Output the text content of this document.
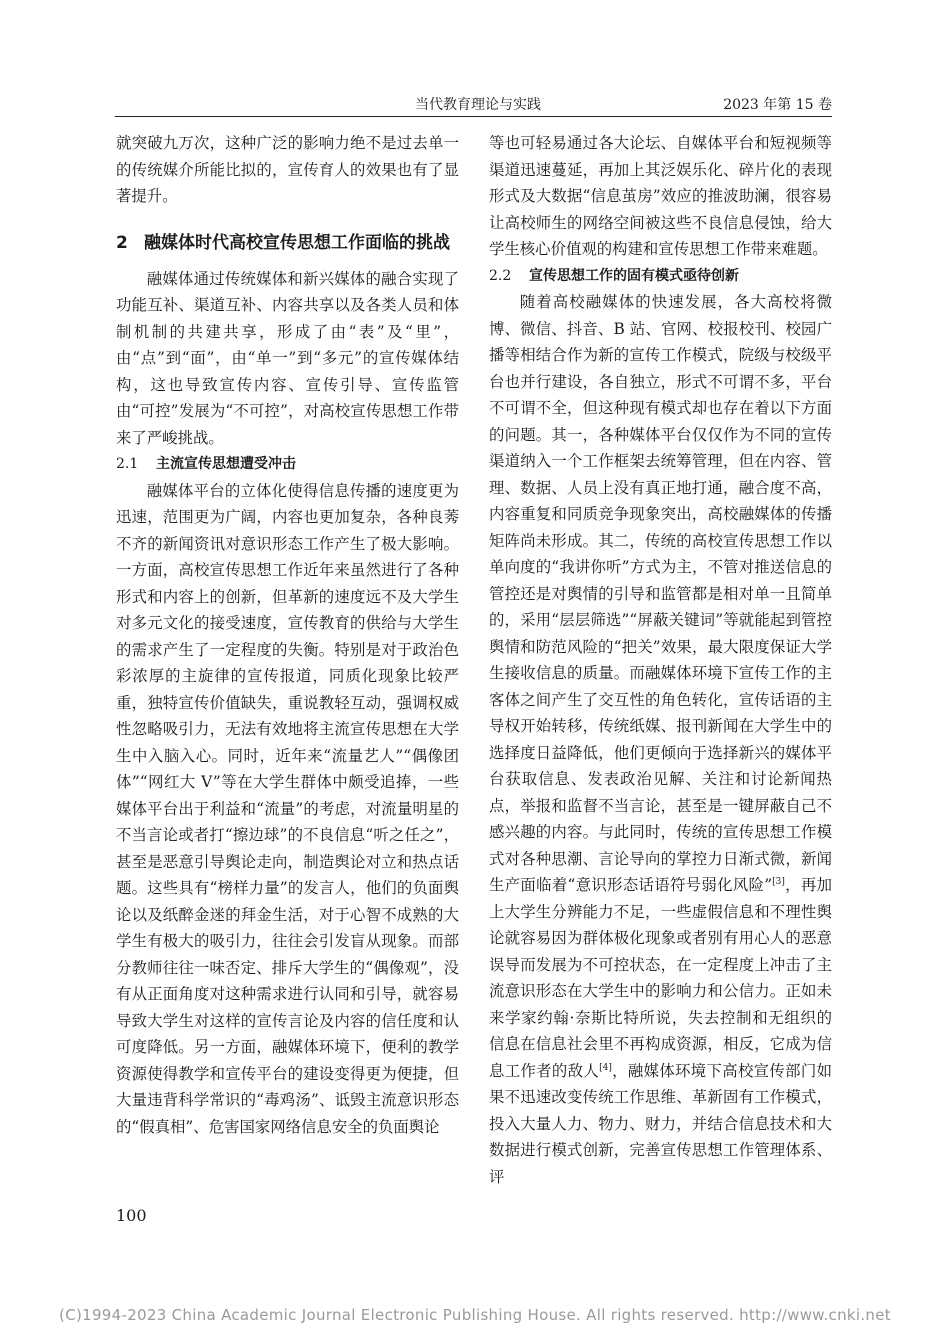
当代教育理论与实践	2023 年第 15 卷

就突破九万次，这种广泛的影响力绝不是过去单一的传统媒介所能比拟的，宣传育人的效果也有了显著提升。

2 融媒体时代高校宣传思想工作面临的挑战

融媒体通过传统媒体和新兴媒体的融合实现了功能互补、渠道互补、内容共享以及各类人员和体制机制的共建共享，形成了由“表”及“里”，由“点”到“面”，由“单一”到“多元”的宣传媒体结构，这也导致宣传内容、宣传引导、宣传监管由“可控”发展为“不可控”，对高校宣传思想工作带来了严峻挑战。

2.1 主流宣传思想遭受冲击

融媒体平台的立体化使得信息传播的速度更为迅速，范围更为广阔，内容也更加复杂，各种良莠不齐的新闻资讯对意识形态工作产生了极大影响。一方面，高校宣传思想工作近年来虽然进行了各种形式和内容上的创新，但革新的速度远不及大学生对多元文化的接受速度，宣传教育的供给与大学生的需求产生了一定程度的失衡。特别是对于政治色彩浓厚的主旋律的宣传报道，同质化现象比较严重，独特宣传价值缺失，重说教轻互动，强调权威性忽略吸引力，无法有效地将主流宣传思想在大学生中入脑入心。同时，近年来“流量艺人”“偶像团体”“网红大 V”等在大学生群体中颇受追捧，一些媒体平台出于利益和“流量”的考虑，对流量明星的不当言论或者打“擦边球”的不良信息“听之任之”，甚至是恶意引导舆论走向，制造舆论对立和热点话题。这些具有“榜样力量”的发言人，他们的负面舆论以及纸醉金迷的拜金生活，对于心智不成熟的大学生有极大的吸引力，往往会引发盲从现象。而部分教师往往一味否定、排斥大学生的“偶像观”，没有从正面角度对这种需求进行认同和引导，就容易导致大学生对这样的宣传言论及内容的信任度和认可度降低。另一方面，融媒体环境下，便利的教学资源使得教学和宣传平台的建设变得更为便捷，但大量违背科学常识的“毒鸡汤”、诋毁主流意识形态的“假真相”、危害国家网络信息安全的负面舆论

等也可轻易通过各大论坛、自媒体平台和短视频等渠道迅速蔓延，再加上其泛娱乐化、碎片化的表现形式及大数据“信息茧房”效应的推波助澜，很容易让高校师生的网络空间被这些不良信息侵蚀，给大学生核心价值观的构建和宣传思想工作带来难题。

2.2 宣传思想工作的固有模式亟待创新

随着高校融媒体的快速发展，各大高校将微博、微信、抖音、B 站、官网、校报校刊、校园广播等相结合作为新的宣传工作模式，院级与校级平台也并行建设，各自独立，形式不可谓不多，平台不可谓不全，但这种现有模式却也存在着以下方面的问题。其一，各种媒体平台仅仅作为不同的宣传渠道纳入一个工作框架去统筹管理，但在内容、管理、数据、人员上没有真正地打通，融合度不高，内容重复和同质竞争现象突出，高校融媒体的传播矩阵尚未形成。其二，传统的高校宣传思想工作以单向度的“我讲你听”方式为主，不管对推送信息的管控还是对舆情的引导和监管都是相对单一且简单的，采用“层层筛选”“屏蔽关键词”等就能起到管控舆情和防范风险的“把关”效果，最大限度保证大学生接收信息的质量。而融媒体环境下宣传工作的主客体之间产生了交互性的角色转化，宣传话语的主导权开始转移，传统纸媒、报刊新闻在大学生中的选择度日益降低，他们更倾向于选择新兴的媒体平台获取信息、发表政治见解、关注和讨论新闻热点，举报和监督不当言论，甚至是一键屏蔽自己不感兴趣的内容。与此同时，传统的宣传思想工作模式对各种思潮、言论导向的掌控力日渐式微，新闻生产面临着“意识形态话语符号弱化风险”[3]，再加上大学生分辨能力不足，一些虚假信息和不理性舆论就容易因为群体极化现象或者别有用心人的恶意误导而发展为不可控状态，在一定程度上冲击了主流意识形态在大学生中的影响力和公信力。正如未来学家约翰·奈斯比特所说，失去控制和无组织的信息在信息社会里不再构成资源，相反，它成为信息工作者的敌人[4]，融媒体环境下高校宣传部门如果不迅速改变传统工作思维、革新固有工作模式，投入大量人力、物力、财力，并结合信息技术和大数据进行模式创新，完善宣传思想工作管理体系、评

100
(C)1994-2023 China Academic Journal Electronic Publishing House. All rights reserved. http://www.cnki.net
